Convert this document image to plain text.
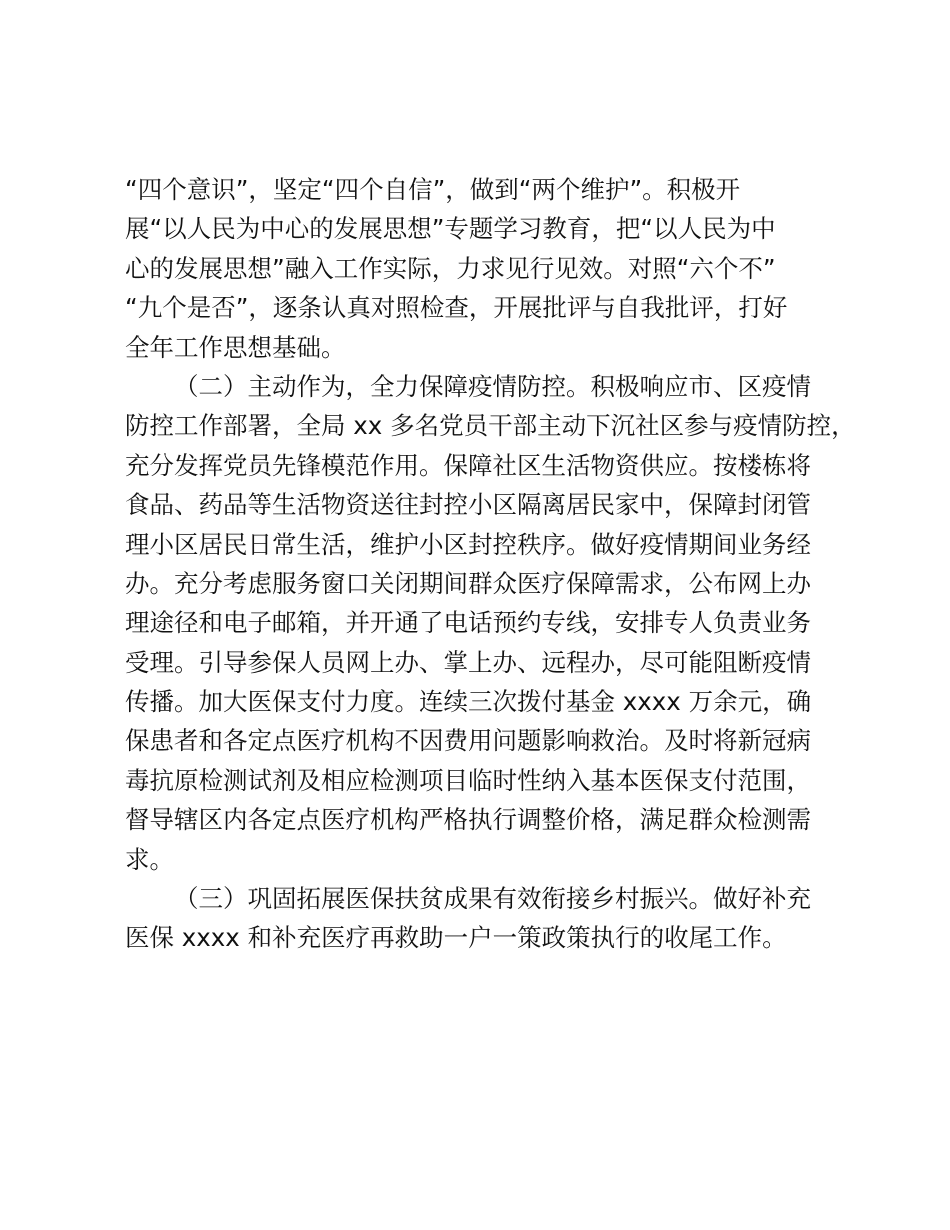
“四个意识”，坚定“四个自信”，做到“两个维护”。积极开
展“以人民为中心的发展思想”专题学习教育，把“以人民为中
心的发展思想”融入工作实际，力求见行见效。对照“六个不”
“九个是否”，逐条认真对照检查，开展批评与自我批评，打好
全年工作思想基础。
（二）主动作为，全力保障疫情防控。积极响应市、区疫情
防控工作部署，全局 xx 多名党员干部主动下沉社区参与疫情防控，
充分发挥党员先锋模范作用。保障社区生活物资供应。按楼栋将
食品、药品等生活物资送往封控小区隔离居民家中，保障封闭管
理小区居民日常生活，维护小区封控秩序。做好疫情期间业务经
办。充分考虑服务窗口关闭期间群众医疗保障需求，公布网上办
理途径和电子邮箱，并开通了电话预约专线，安排专人负责业务
受理。引导参保人员网上办、掌上办、远程办，尽可能阻断疫情
传播。加大医保支付力度。连续三次拨付基金 xxxx 万余元，确
保患者和各定点医疗机构不因费用问题影响救治。及时将新冠病
毒抗原检测试剂及相应检测项目临时性纳入基本医保支付范围，
督导辖区内各定点医疗机构严格执行调整价格，满足群众检测需
求。
（三）巩固拓展医保扶贫成果有效衔接乡村振兴。做好补充
医保 xxxx 和补充医疗再救助一户一策政策执行的收尾工作。
